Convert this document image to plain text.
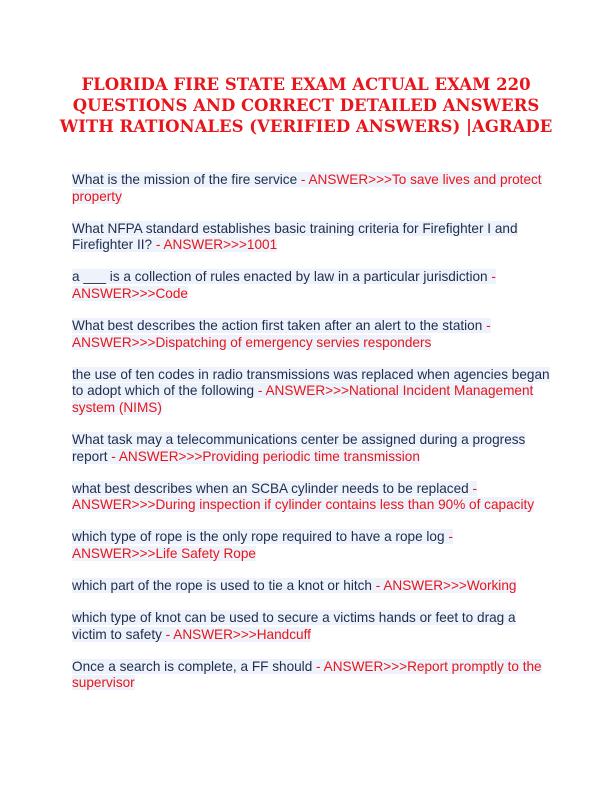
FLORIDA FIRE STATE EXAM ACTUAL EXAM 220
QUESTIONS AND CORRECT DETAILED ANSWERS
WITH RATIONALES (VERIFIED ANSWERS) |AGRADE

What is the mission of the fire service - ANSWER>>>To save lives and protect property

What NFPA standard establishes basic training criteria for Firefighter I and Firefighter II? - ANSWER>>>1001

a ___ is a collection of rules enacted by law in a particular jurisdiction - ANSWER>>>Code

What best describes the action first taken after an alert to the station - ANSWER>>>Dispatching of emergency servies responders

the use of ten codes in radio transmissions was replaced when agencies began to adopt which of the following - ANSWER>>>National Incident Management system (NIMS)

What task may a telecommunications center be assigned during a progress report - ANSWER>>>Providing periodic time transmission

what best describes when an SCBA cylinder needs to be replaced - ANSWER>>>During inspection if cylinder contains less than 90% of capacity

which type of rope is the only rope required to have a rope log - ANSWER>>>Life Safety Rope

which part of the rope is used to tie a knot or hitch - ANSWER>>>Working

which type of knot can be used to secure a victims hands or feet to drag a victim to safety - ANSWER>>>Handcuff

Once a search is complete, a FF should - ANSWER>>>Report promptly to the supervisor
